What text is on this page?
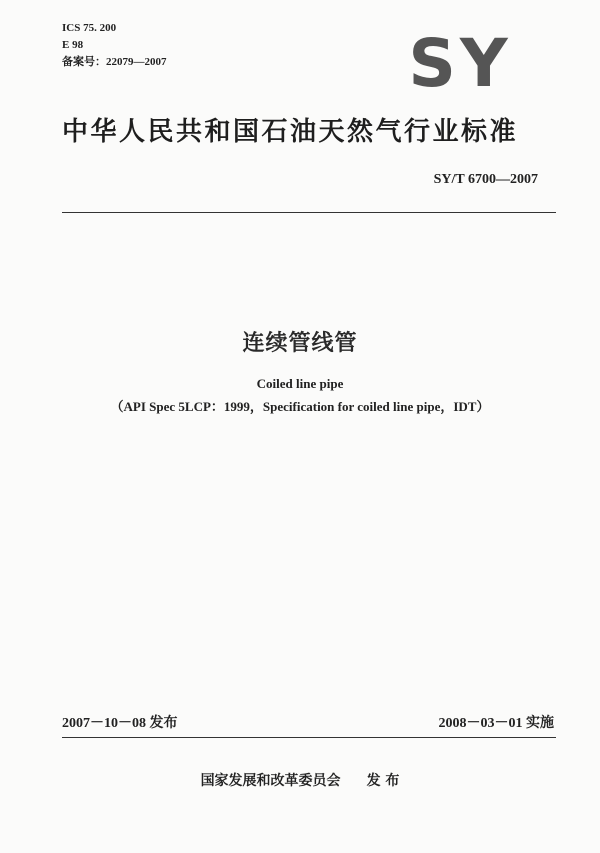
ICS 75. 200
E 98
备案号：22079—2007	SY
中华人民共和国石油天然气行业标准
SY/T 6700—2007
连续管线管
Coiled line pipe
（API Spec 5LCP：1999，Specification for coiled line pipe，IDT）
2007－10－08 发布	2008－03－01 实施
国家发展和改革委员会 发 布
